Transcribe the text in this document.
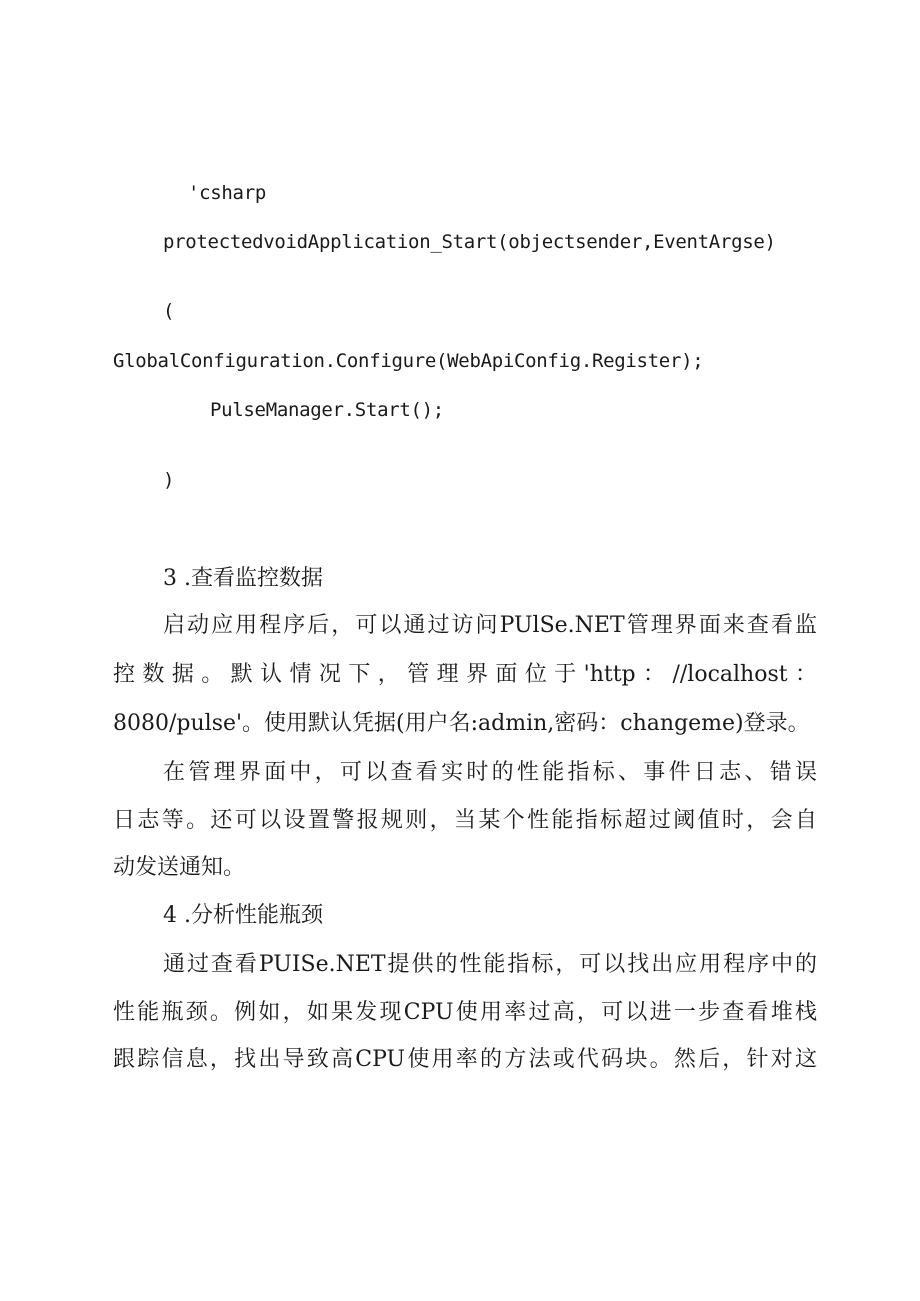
'csharp
protectedvoidApplication_Start(objectsender,EventArgse)
(
GlobalConfiguration.Configure(WebApiConfig.Register);
PulseManager.Start();
)
3 .查看监控数据
启动应用程序后，可以通过访问PUlSe.NET管理界面来查看监
控数据。默认情况下，管理界面位于'http：//localhost：
8080/pulse'。使用默认凭据(用户名:admin,密码：changeme)登录。
在管理界面中，可以查看实时的性能指标、事件日志、错误
日志等。还可以设置警报规则，当某个性能指标超过阈值时，会自
动发送通知。
4 .分析性能瓶颈
通过查看PUISe.NET提供的性能指标，可以找出应用程序中的
性能瓶颈。例如，如果发现CPU使用率过高，可以进一步查看堆栈
跟踪信息，找出导致高CPU使用率的方法或代码块。然后，针对这
